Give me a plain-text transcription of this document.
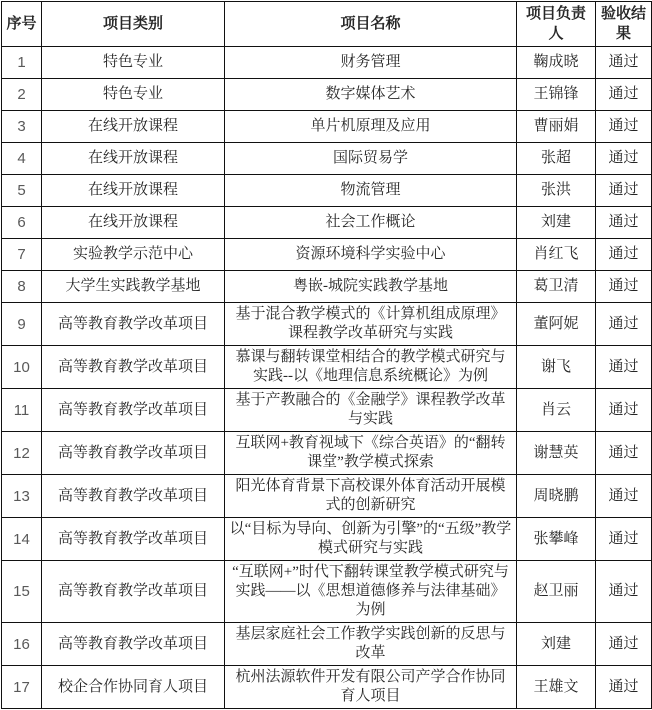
序号	项目类别	项目名称	项目负责人	验收结果
1	特色专业	财务管理	鞠成晓	通过
2	特色专业	数字媒体艺术	王锦锋	通过
3	在线开放课程	单片机原理及应用	曹丽娟	通过
4	在线开放课程	国际贸易学	张超	通过
5	在线开放课程	物流管理	张洪	通过
6	在线开放课程	社会工作概论	刘建	通过
7	实验教学示范中心	资源环境科学实验中心	肖红飞	通过
8	大学生实践教学基地	粤嵌-城院实践教学基地	葛卫清	通过
9	高等教育教学改革项目	基于混合教学模式的《计算机组成原理》课程教学改革研究与实践	董阿妮	通过
10	高等教育教学改革项目	慕课与翻转课堂相结合的教学模式研究与实践--以《地理信息系统概论》为例	谢飞	通过
11	高等教育教学改革项目	基于产教融合的《金融学》课程教学改革与实践	肖云	通过
12	高等教育教学改革项目	互联网+教育视域下《综合英语》的“翻转课堂”教学模式探索	谢慧英	通过
13	高等教育教学改革项目	阳光体育背景下高校课外体育活动开展模式的创新研究	周晓鹏	通过
14	高等教育教学改革项目	以“目标为导向、创新为引擎”的“五级”教学模式研究与实践	张攀峰	通过
15	高等教育教学改革项目	“互联网+”时代下翻转课堂教学模式研究与实践——以《思想道德修养与法律基础》为例	赵卫丽	通过
16	高等教育教学改革项目	基层家庭社会工作教学实践创新的反思与改革	刘建	通过
17	校企合作协同育人项目	杭州法源软件开发有限公司产学合作协同育人项目	王雄文	通过
